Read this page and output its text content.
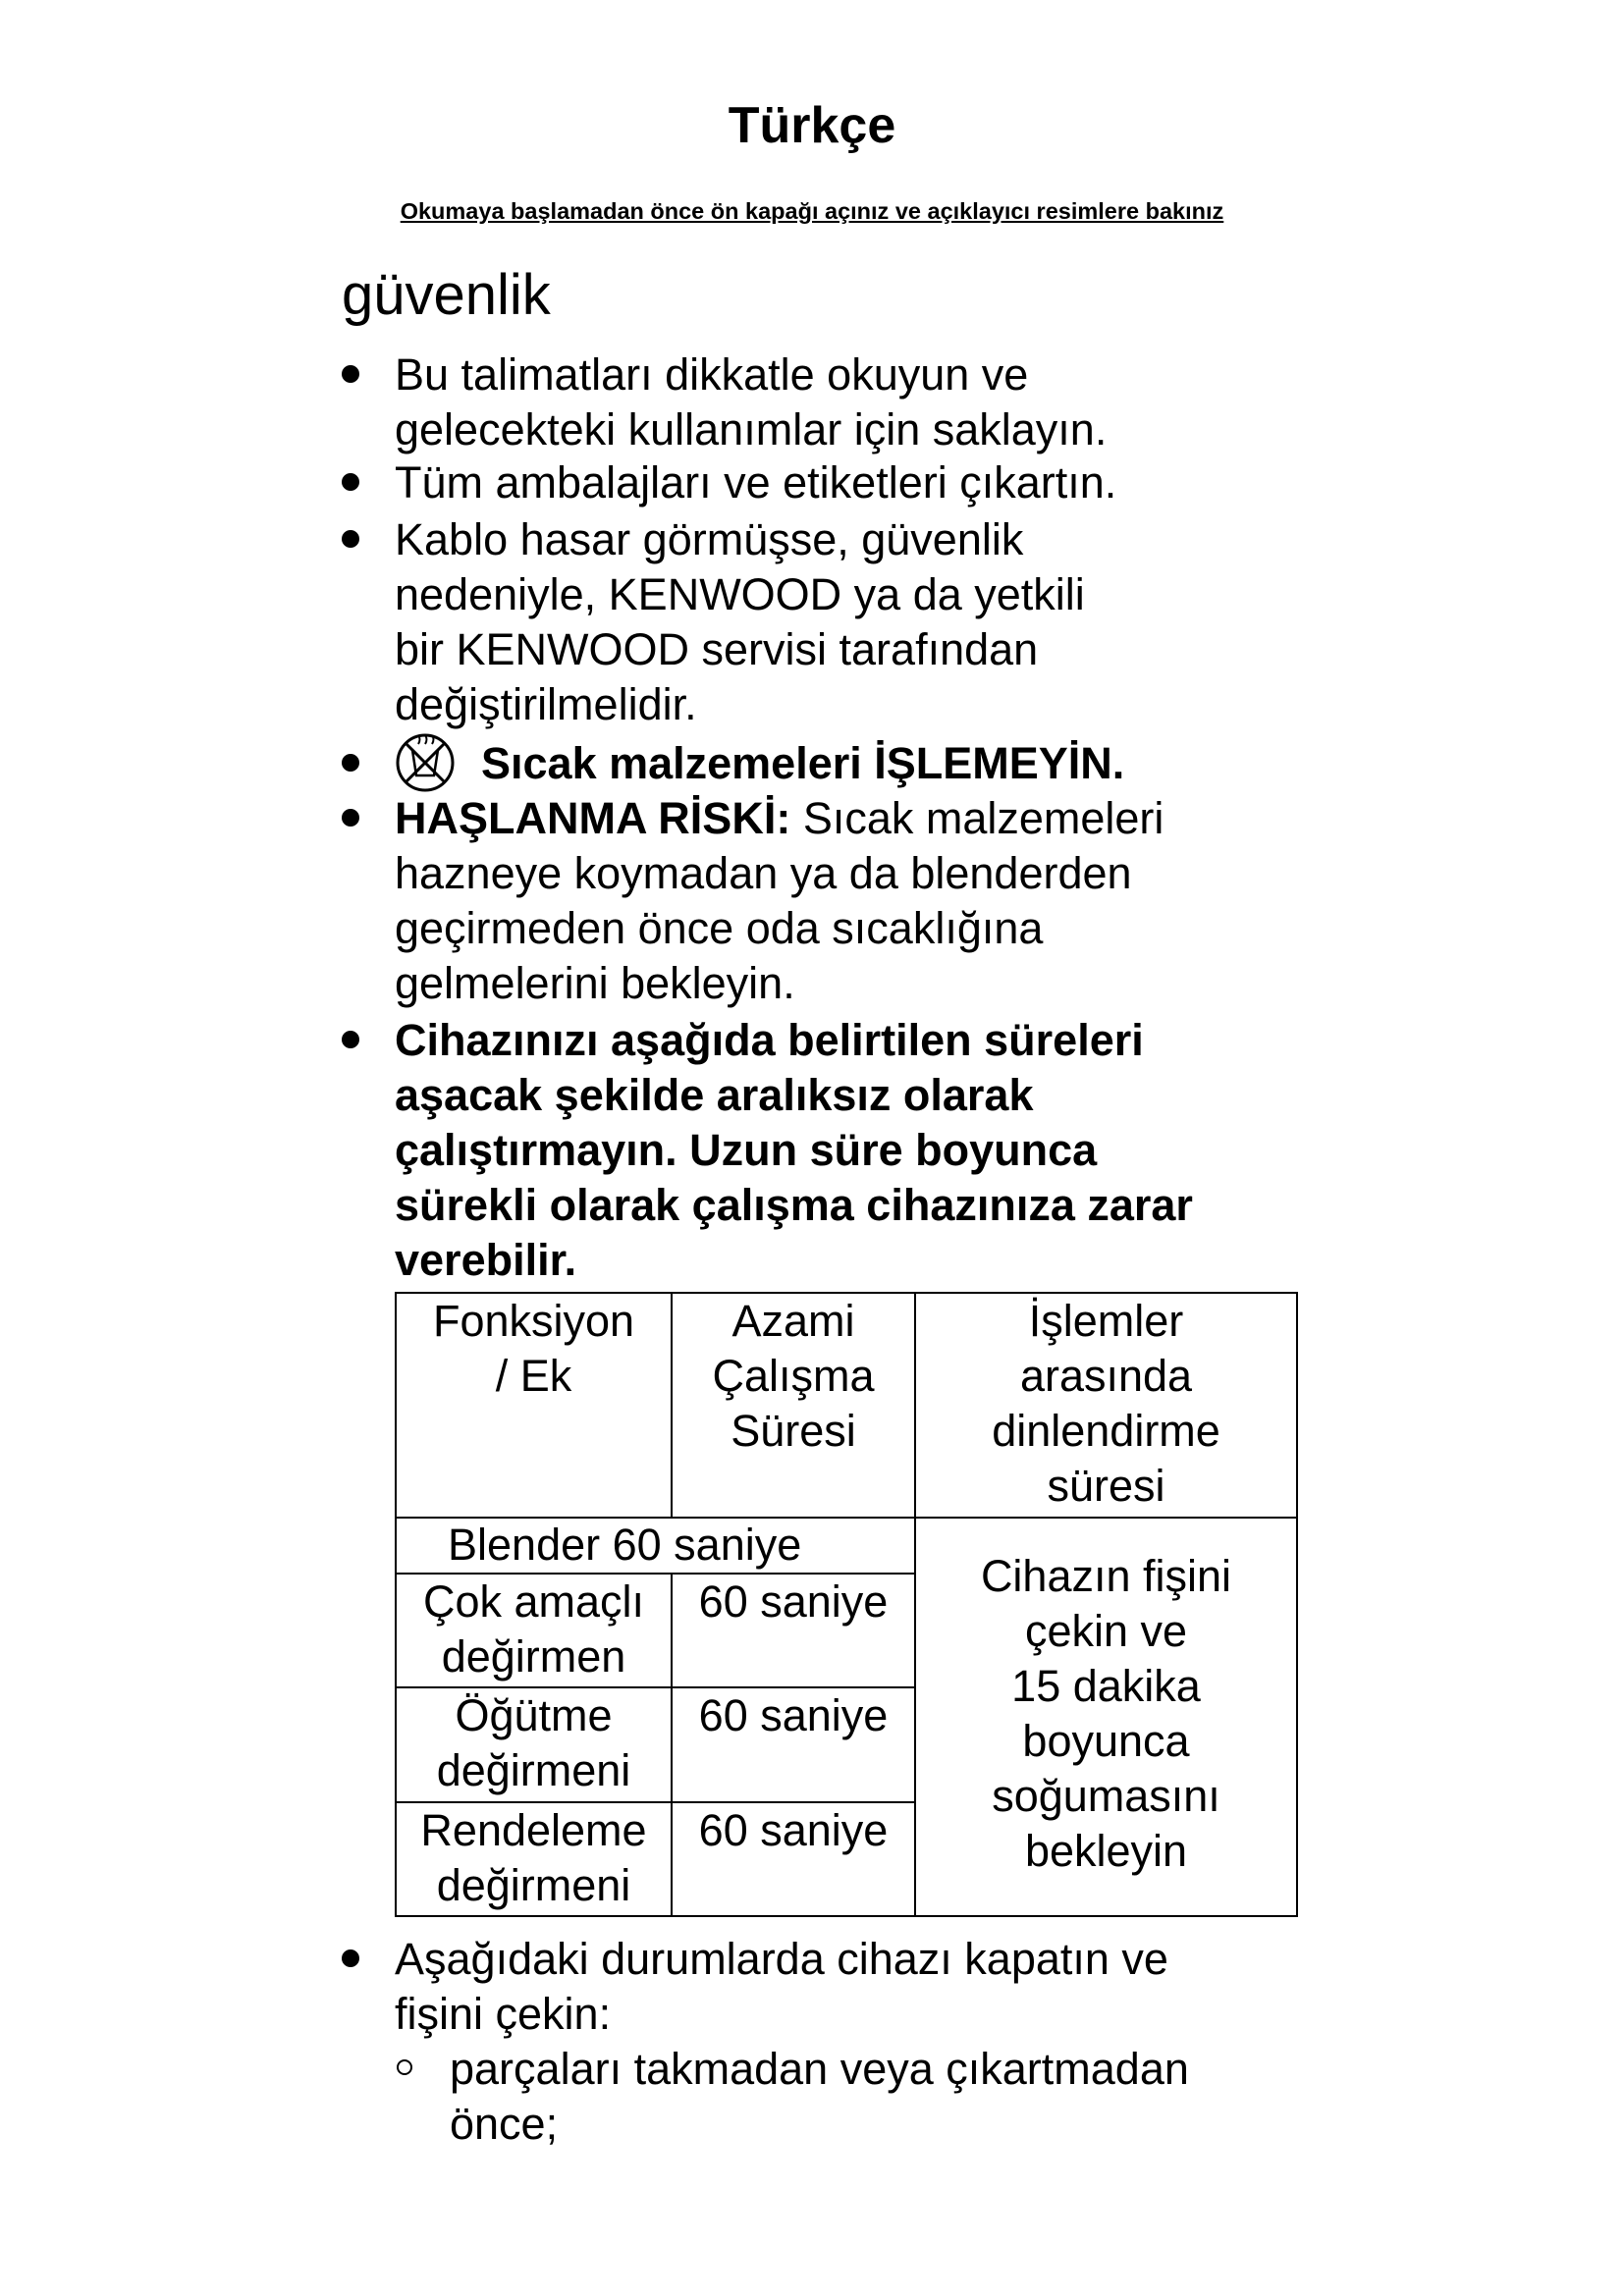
Türkçe
Okumaya başlamadan önce ön kapağı açınız ve açıklayıcı resimlere bakınız
güvenlik
Bu talimatları dikkatle okuyun ve
gelecekteki kullanımlar için saklayın.
Tüm ambalajları ve etiketleri çıkartın.
Kablo hasar görmüşse, güvenlik
nedeniyle, KENWOOD ya da yetkili
bir KENWOOD servisi tarafından
değiştirilmelidir.
Sıcak malzemeleri İŞLEMEYİN.
HAŞLANMA RİSKİ: Sıcak malzemeleri
hazneye koymadan ya da blenderden
geçirmeden önce oda sıcaklığına
gelmelerini bekleyin.
Cihazınızı aşağıda belirtilen süreleri
aşacak şekilde aralıksız olarak
çalıştırmayın. Uzun süre boyunca
sürekli olarak çalışma cihazınıza zarar
verebilir.
Fonksiyon
/ Ek
Azami
Çalışma
Süresi
İşlemler
arasında
dinlendirme
süresi
Blender 60 saniye
Çok amaçlı
değirmen
60 saniye
Öğütme
değirmeni
60 saniye
Rendeleme
değirmeni
60 saniye
Cihazın fişini
çekin ve
15 dakika
boyunca
soğumasını
bekleyin
Aşağıdaki durumlarda cihazı kapatın ve
fişini çekin:
parçaları takmadan veya çıkartmadan
önce;
